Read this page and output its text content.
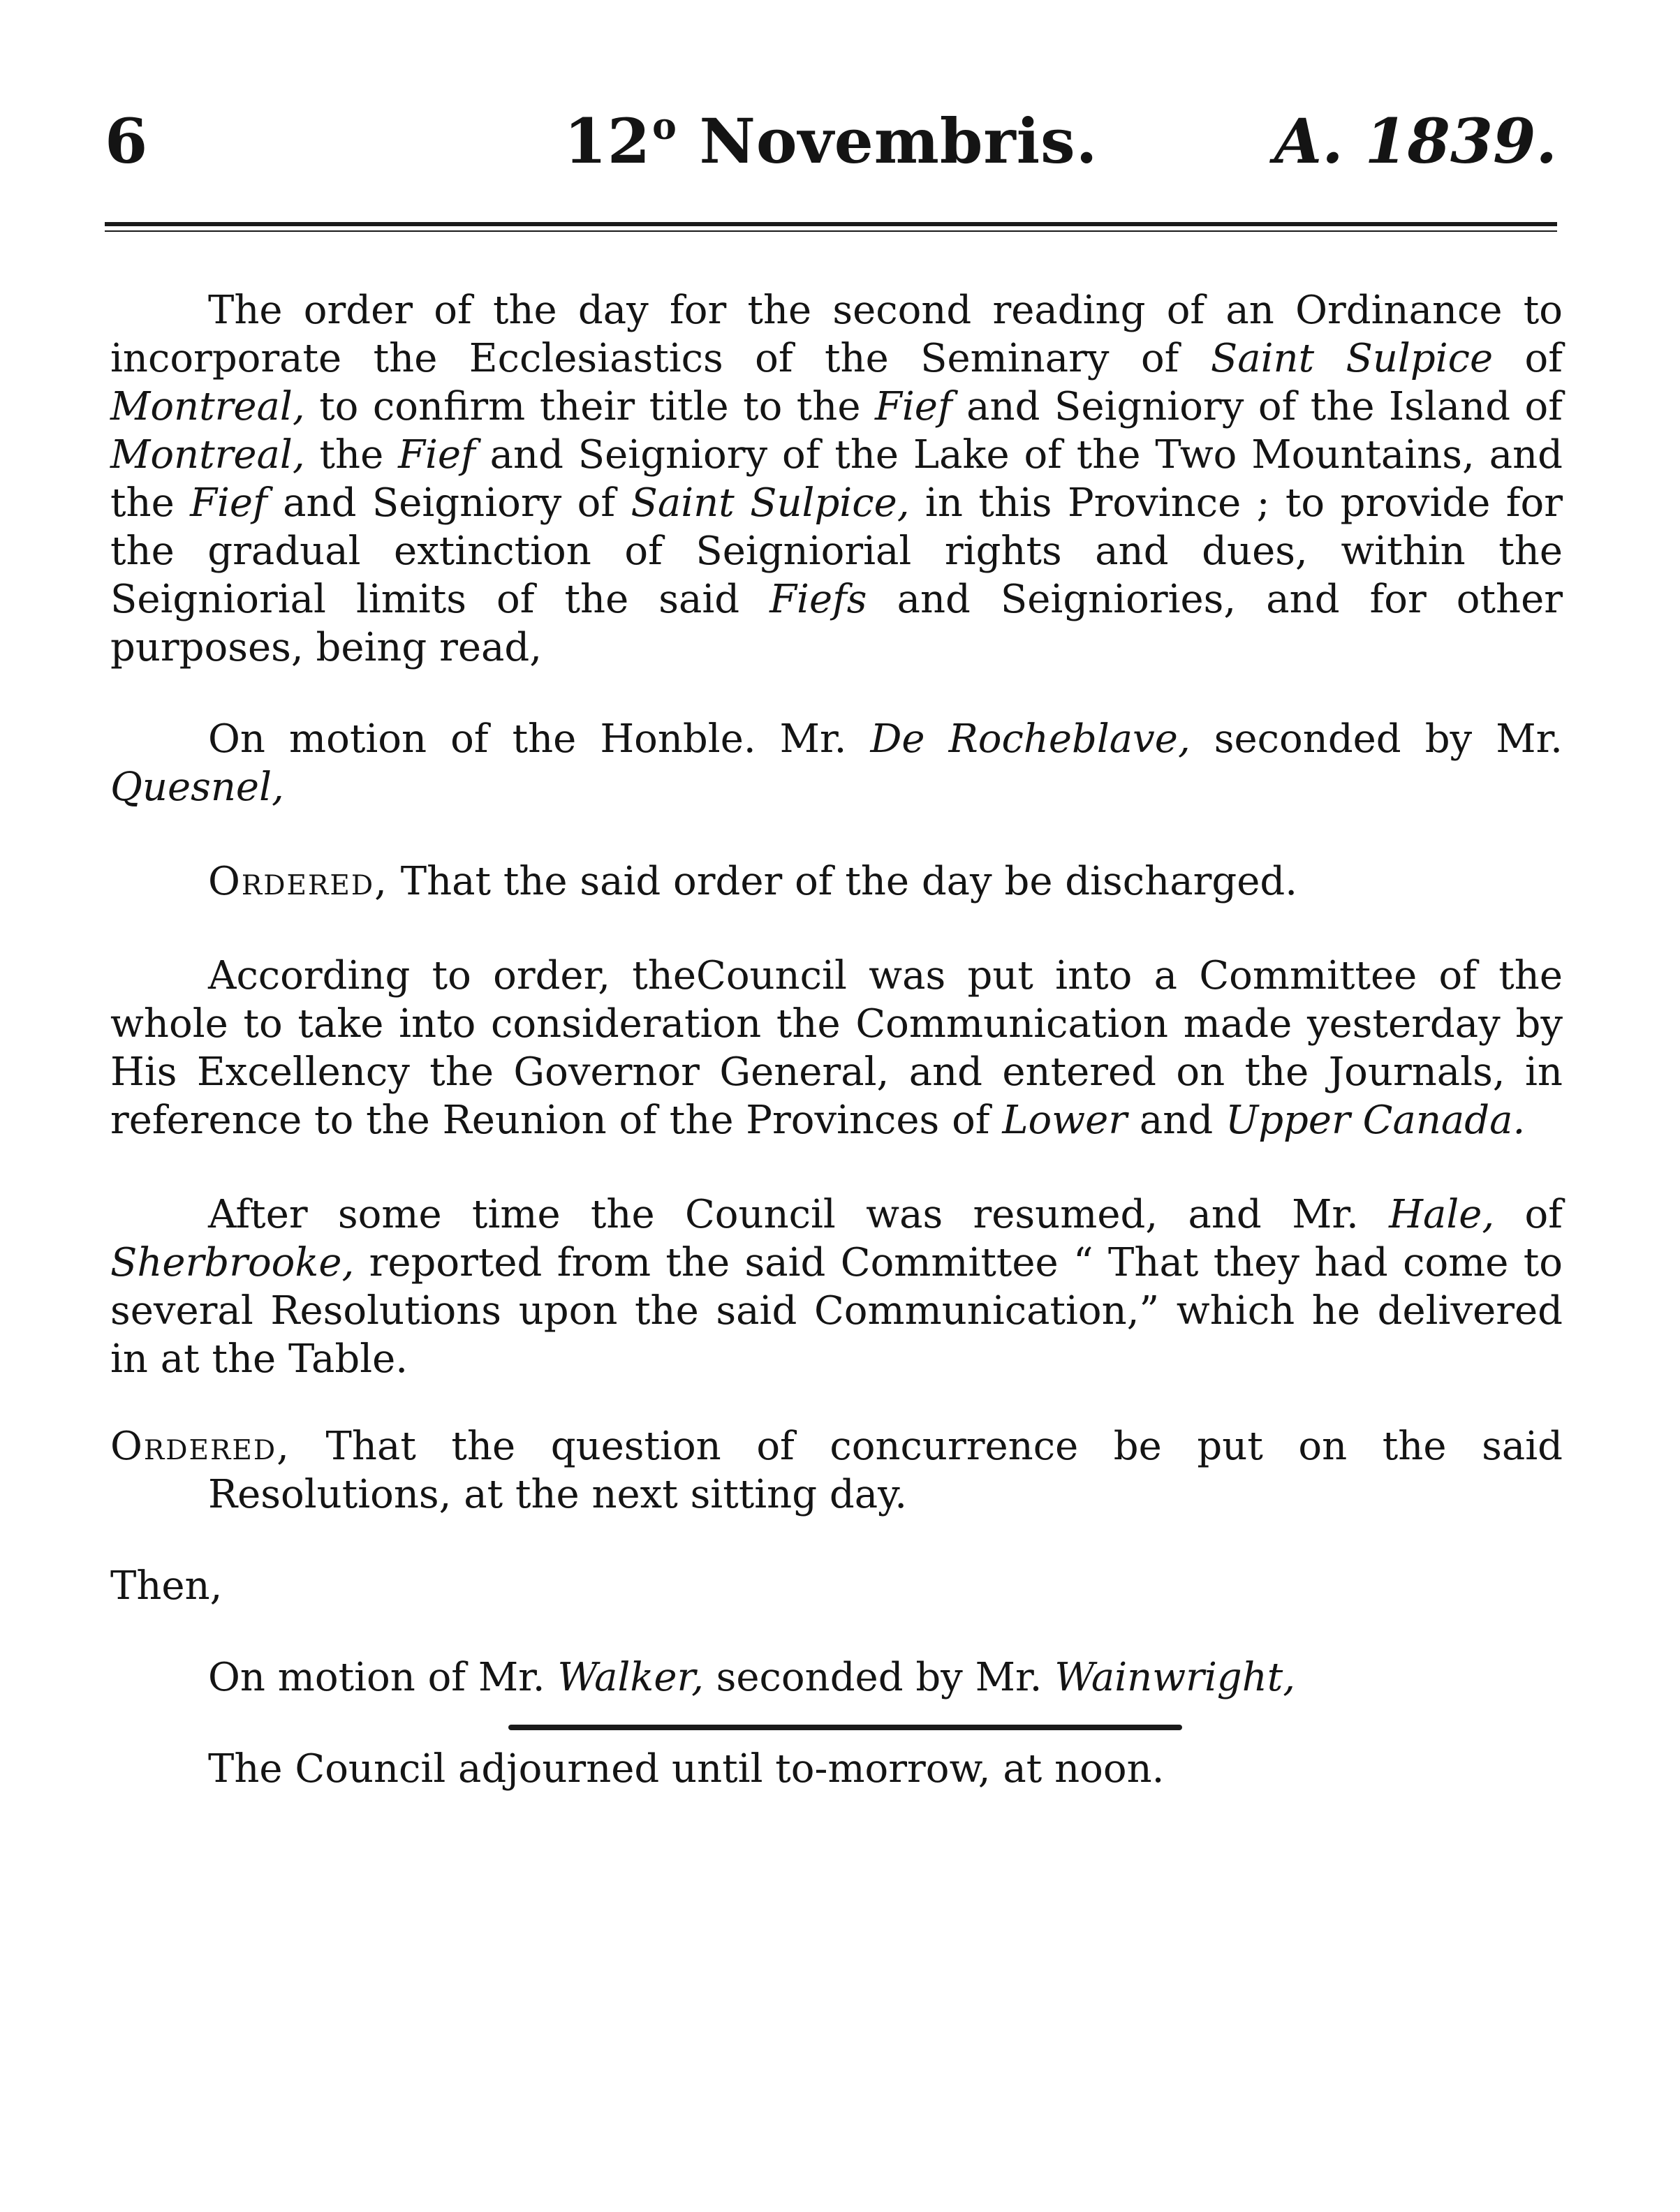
6	12$^o$ Novembris.	A. 1839.

The order of the day for the second reading of an Ordinance to incorporate the Ecclesiastics of the Seminary of Saint Sulpice of Montreal, to confirm their title to the Fief and Seigniory of the Island of Montreal, the Fief and Seigniory of the Lake of the Two Mountains, and the Fief and Seigniory of Saint Sulpice, in this Province ; to provide for the gradual extinction of Seigniorial rights and dues, within the Seigniorial limits of the said Fiefs and Seigniories, and for other purposes, being read,

On motion of the Honble. Mr. De Rocheblave, seconded by Mr. Quesnel,

Ordered, That the said order of the day be discharged.

According to order, theCouncil was put into a Committee of the whole to take into consideration the Communication made yesterday by His Excellency the Governor General, and entered on the Journals, in reference to the Reunion of the Provinces of Lower and Upper Canada.

After some time the Council was resumed, and Mr. Hale, of Sherbrooke, reported from the said Committee “ That they had come to several Resolutions upon the said Communication,” which he delivered in at the Table.

Ordered, That the question of concurrence be put on the said Resolutions, at the next sitting day.

Then,

On motion of Mr. Walker, seconded by Mr. Wainwright,

The Council adjourned until to-morrow, at noon.
